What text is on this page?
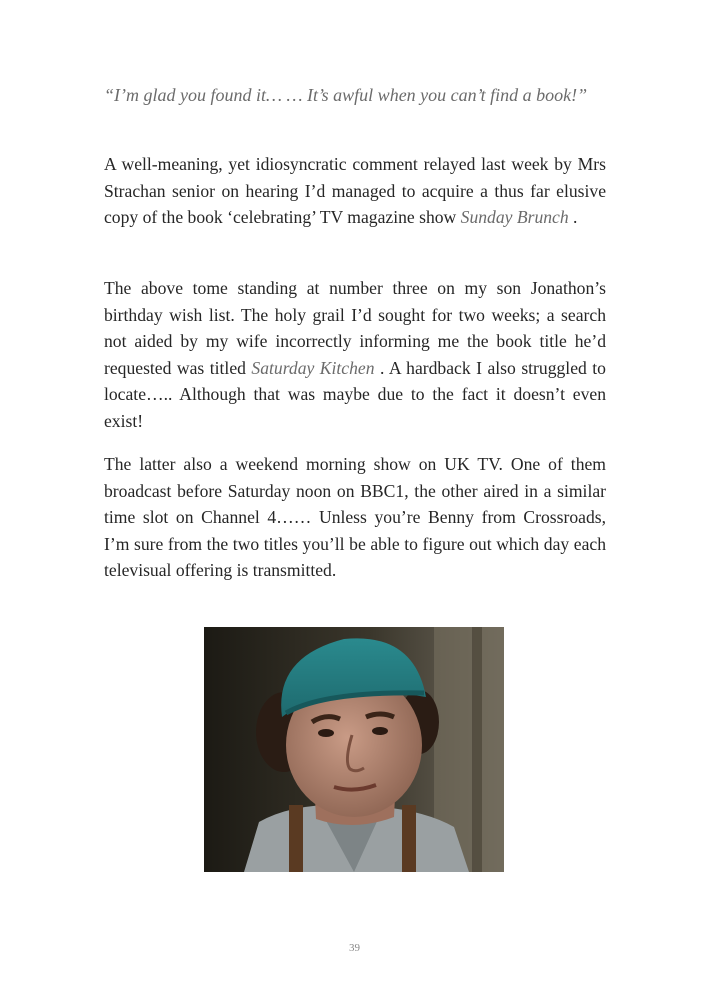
“I’m glad you found it… … It’s awful when you can’t find a book!”
A well-meaning, yet idiosyncratic comment relayed last week by Mrs Strachan senior on hearing I’d managed to acquire a thus far elusive copy of the book ‘celebrating’ TV magazine show Sunday Brunch .
The above tome standing at number three on my son Jonathon’s birthday wish list. The holy grail I’d sought for two weeks; a search not aided by my wife incorrectly informing me the book title he’d requested was titled Saturday Kitchen . A hardback I also struggled to locate….. Although that was maybe due to the fact it doesn’t even exist!
The latter also a weekend morning show on UK TV. One of them broadcast before Saturday noon on BBC1, the other aired in a similar time slot on Channel 4…… Unless you’re Benny from Crossroads, I’m sure from the two titles you’ll be able to figure out which day each televisual offering is transmitted.
39
